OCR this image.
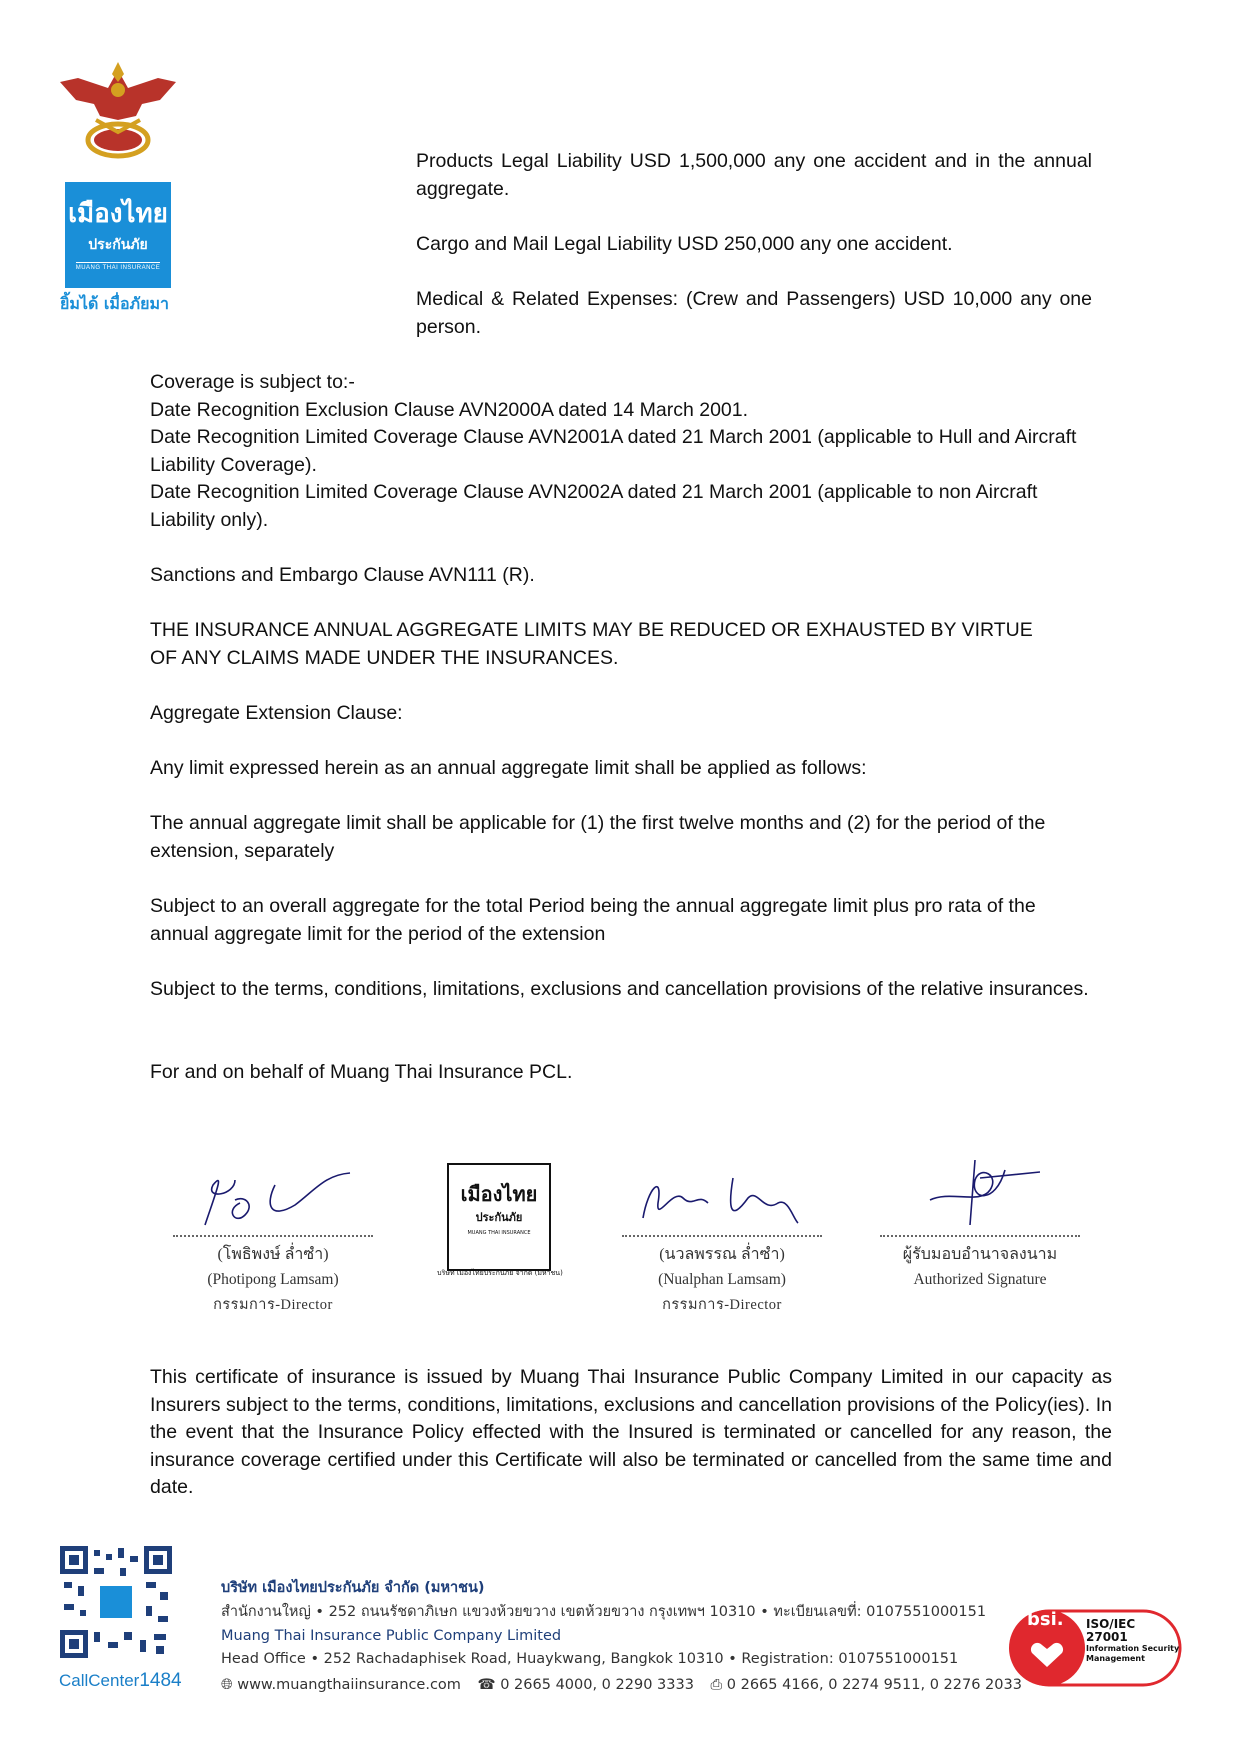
เมืองไทย
ประกันภัย
MUANG THAI INSURANCE
ยิ้มได้ เมื่อภัยมา

Products Legal Liability USD 1,500,000 any one accident and in the annual aggregate.

Cargo and Mail Legal Liability USD 250,000 any one accident.

Medical & Related Expenses: (Crew and Passengers) USD 10,000 any one person.

Coverage is subject to:-

Date Recognition Exclusion Clause AVN2000A dated 14 March 2001.

Date Recognition Limited Coverage Clause AVN2001A dated 21 March 2001 (applicable to Hull and Aircraft Liability Coverage).

Date Recognition Limited Coverage Clause AVN2002A dated 21 March 2001 (applicable to non Aircraft Liability only).

Sanctions and Embargo Clause AVN111 (R).

THE INSURANCE ANNUAL AGGREGATE LIMITS MAY BE REDUCED OR EXHAUSTED BY VIRTUE OF ANY CLAIMS MADE UNDER THE INSURANCES.

Aggregate Extension Clause:

Any limit expressed herein as an annual aggregate limit shall be applied as follows:

The annual aggregate limit shall be applicable for (1) the first twelve months and (2) for the period of the extension, separately

Subject to an overall aggregate for the total Period being the annual aggregate limit plus pro rata of the annual aggregate limit for the period of the extension

Subject to the terms, conditions, limitations, exclusions and cancellation provisions of the relative insurances.

For and on behalf of Muang Thai Insurance PCL.

(โพธิพงษ์ ล่ำซำ)
(Photipong Lamsam)
กรรมการ-Director
เมืองไทย
ประกันภัย
MUANG THAI INSURANCE
บริษัท เมืองไทยประกันภัย จำกัด (มหาชน)
(นวลพรรณ ล่ำซำ)
(Nualphan Lamsam)
กรรมการ-Director
ผู้รับมอบอำนาจลงนาม
Authorized Signature

This certificate of insurance is issued by Muang Thai Insurance Public Company Limited in our capacity as Insurers subject to the terms, conditions, limitations, exclusions and cancellation provisions of the Policy(ies). In the event that the Insurance Policy effected with the Insured is terminated or cancelled for any reason, the insurance coverage certified under this Certificate will also be terminated or cancelled from the same time and date.

CallCenter1484
บริษัท เมืองไทยประกันภัย จำกัด (มหาชน)
สำนักงานใหญ่ • 252 ถนนรัชดาภิเษก แขวงห้วยขวาง เขตห้วยขวาง กรุงเทพฯ 10310 • ทะเบียนเลขที่: 0107551000151
Muang Thai Insurance Public Company Limited
Head Office • 252 Rachadaphisek Road, Huaykwang, Bangkok 10310 • Registration: 0107551000151
🌐︎ www.muangthaiinsurance.com ☎ 0 2665 4000, 0 2290 3333 ⎙ 0 2665 4166, 0 2274 9511, 0 2276 2033
bsi. ISO/IEC
27001
Information Security
Management
